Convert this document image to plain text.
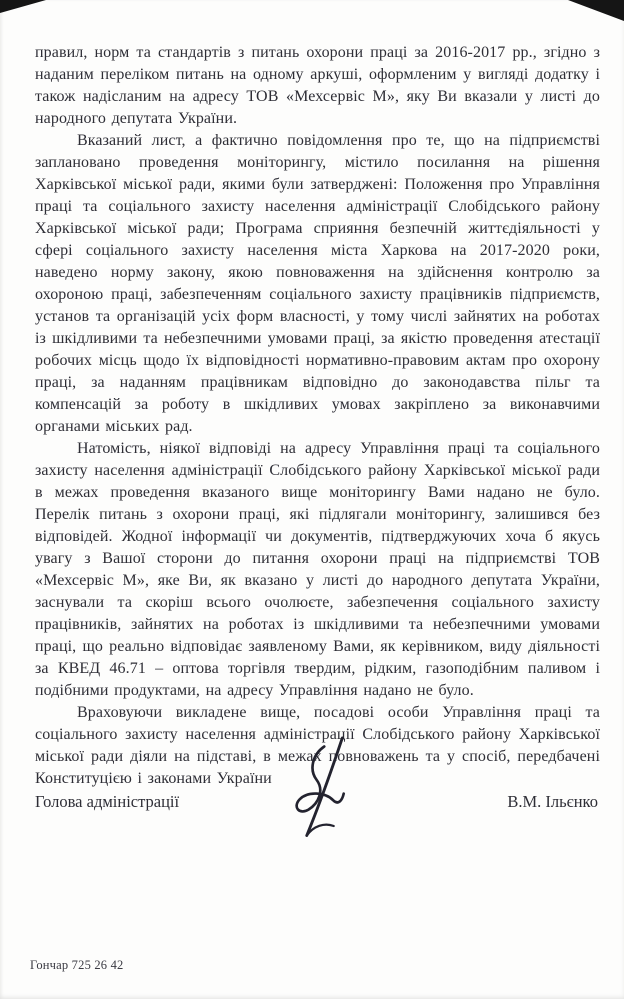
правил, норм та стандартів з питань охорони праці за 2016-2017 рр., згідно з наданим переліком питань на одному аркуші, оформленим у вигляді додатку і також надісланим на адресу ТОВ «Мехсервіс М», яку Ви вказали у листі до народного депутата України.

Вказаний лист, а фактично повідомлення про те, що на підприємстві заплановано проведення моніторингу, містило посилання на рішення Харківської міської ради, якими були затверджені: Положення про Управління праці та соціального захисту населення адміністрації Слобідського району Харківської міської ради; Програма сприяння безпечній життєдіяльності у сфері соціального захисту населення міста Харкова на 2017-2020 роки, наведено норму закону, якою повноваження на здійснення контролю за охороною праці, забезпеченням соціального захисту працівників підприємств, установ та організацій усіх форм власності, у тому числі зайнятих на роботах із шкідливими та небезпечними умовами праці, за якістю проведення атестації робочих місць щодо їх відповідності нормативно-правовим актам про охорону праці, за наданням працівникам відповідно до законодавства пільг та компенсацій за роботу в шкідливих умовах закріплено за виконавчими органами міських рад.

Натомість, ніякої відповіді на адресу Управління праці та соціального захисту населення адміністрації Слобідського району Харківської міської ради в межах проведення вказаного вище моніторингу Вами надано не було. Перелік питань з охорони праці, які підлягали моніторингу, залишився без відповідей. Жодної інформації чи документів, підтверджуючих хоча б якусь увагу з Вашої сторони до питання охорони праці на підприємстві ТОВ «Мехсервіс М», яке Ви, як вказано у листі до народного депутата України, заснували та скоріш всього очолюєте, забезпечення соціального захисту працівників, зайнятих на роботах із шкідливими та небезпечними умовами праці, що реально відповідає заявленому Вами, як керівником, виду діяльності за КВЕД 46.71 – оптова торгівля твердим, рідким, газоподібним паливом і подібними продуктами, на адресу Управління надано не було.

Враховуючи викладене вище, посадові особи Управління праці та соціального захисту населення адміністрації Слобідського району Харківської міської ради діяли на підставі, в межах повноважень та у спосіб, передбачені Конституцією і законами України

Голова адміністрації	В.М. Ільєнко
Гончар 725 26 42
